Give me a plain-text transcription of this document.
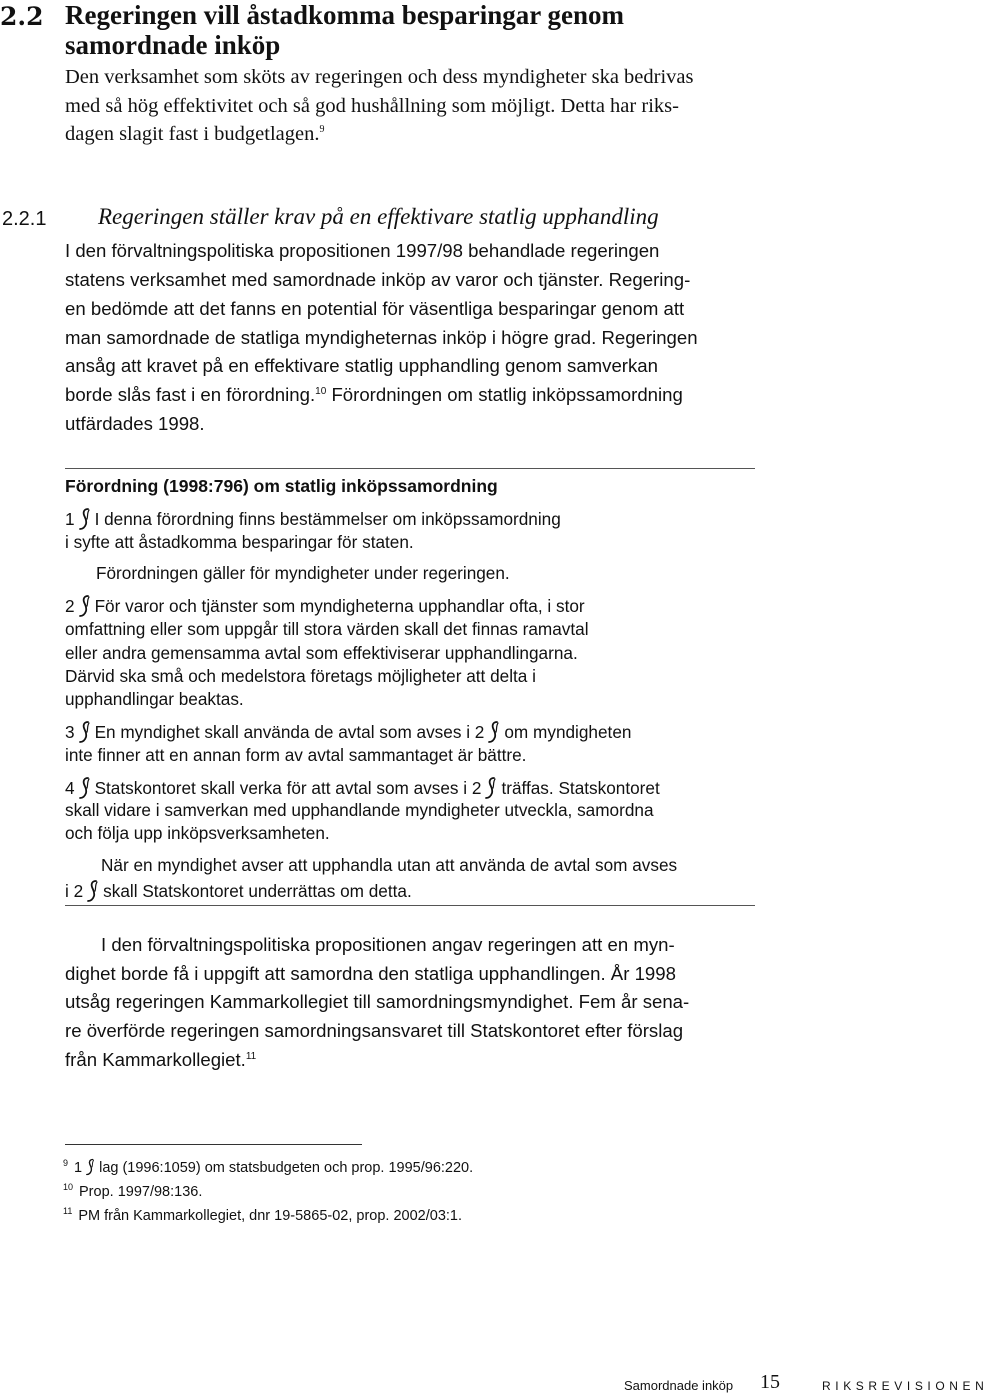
2.2 Regeringen vill åstadkomma besparingar genom samordnade inköp
Den verksamhet som sköts av regeringen och dess myndigheter ska bedrivas
med så hög effektivitet och så god hushållning som möjligt. Detta har riks-
dagen slagit fast i budgetlagen.$^9$
2.2.1 Regeringen ställer krav på en effektivare statlig upphandling
I den förvaltningspolitiska propositionen 1997/98 behandlade regeringen
statens verksamhet med samordnade inköp av varor och tjänster. Regering-
en bedömde att det fanns en potential för väsentliga besparingar genom att
man samordnade de statliga myndigheternas inköp i högre grad. Regeringen
ansåg att kravet på en effektivare statlig upphandling genom samverkan
borde slås fast i en förordning.$^{10}$ Förordningen om statlig inköpssamordning
utfärdades 1998.
Förordning (1998:796) om statlig inköpssamordning
1 I denna förordning finns bestämmelser om inköpssamordning
i syfte att åstadkomma besparingar för staten.
Förordningen gäller för myndigheter under regeringen.
2 För varor och tjänster som myndigheterna upphandlar ofta, i stor
omfattning eller som uppgår till stora värden skall det finnas ramavtal
eller andra gemensamma avtal som effektiviserar upphandlingarna.
Därvid ska små och medelstora företags möjligheter att delta i
upphandlingar beaktas.
3 En myndighet skall använda de avtal som avses i 2 om myndigheten
inte finner att en annan form av avtal sammantaget är bättre.
4 Statskontoret skall verka för att avtal som avses i 2 träffas. Statskontoret
skall vidare i samverkan med upphandlande myndigheter utveckla, samordna
och följa upp inköpsverksamheten.
När en myndighet avser att upphandla utan att använda de avtal som avses
i 2 skall Statskontoret underrättas om detta.
I den förvaltningspolitiska propositionen angav regeringen att en myn-
dighet borde få i uppgift att samordna den statliga upphandlingen. År 1998
utsåg regeringen Kammarkollegiet till samordningsmyndighet. Fem år sena-
re överförde regeringen samordningsansvaret till Statskontoret efter förslag
från Kammarkollegiet.$^{11}$
$^9$ 1 lag (1996:1059) om statsbudgeten och prop. 1995/96:220.
$^{10}$ Prop. 1997/98:136.
$^{11}$ PM från Kammarkollegiet, dnr 19-5865-02, prop. 2002/03:1.
Samordnade inköp 15	RIKSREVISIONEN
